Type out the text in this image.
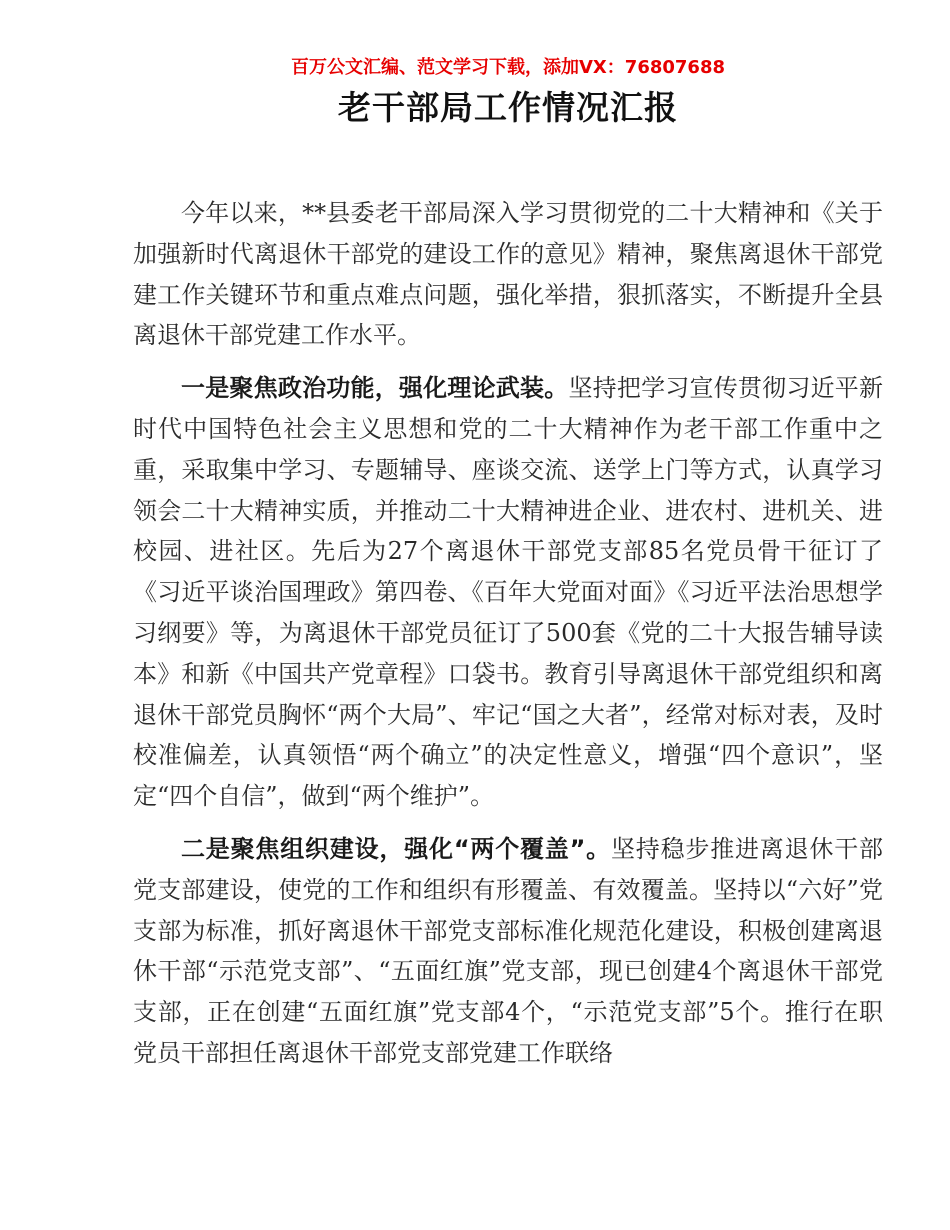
百万公文汇编、范文学习下载，添加VX：76807688
老干部局工作情况汇报

今年以来，**县委老干部局深入学习贯彻党的二十大精神和《关于加强新时代离退休干部党的建设工作的意见》精神，聚焦离退休干部党建工作关键环节和重点难点问题，强化举措，狠抓落实，不断提升全县离退休干部党建工作水平。

一是聚焦政治功能，强化理论武装。坚持把学习宣传贯彻习近平新时代中国特色社会主义思想和党的二十大精神作为老干部工作重中之重，采取集中学习、专题辅导、座谈交流、送学上门等方式，认真学习领会二十大精神实质，并推动二十大精神进企业、进农村、进机关、进校园、进社区。先后为27个离退休干部党支部85名党员骨干征订了《习近平谈治国理政》第四卷、《百年大党面对面》《习近平法治思想学习纲要》等，为离退休干部党员征订了500套《党的二十大报告辅导读本》和新《中国共产党章程》口袋书。教育引导离退休干部党组织和离退休干部党员胸怀“两个大局”、牢记“国之大者”，经常对标对表，及时校准偏差，认真领悟“两个确立”的决定性意义，增强“四个意识”，坚定“四个自信”，做到“两个维护”。

二是聚焦组织建设，强化“两个覆盖”。坚持稳步推进离退休干部党支部建设，使党的工作和组织有形覆盖、有效覆盖。坚持以“六好”党支部为标准，抓好离退休干部党支部标准化规范化建设，积极创建离退休干部“示范党支部”、“五面红旗”党支部，现已创建4个离退休干部党支部，正在创建“五面红旗”党支部4个，“示范党支部”5个。推行在职党员干部担任离退休干部党支部党建工作联络
